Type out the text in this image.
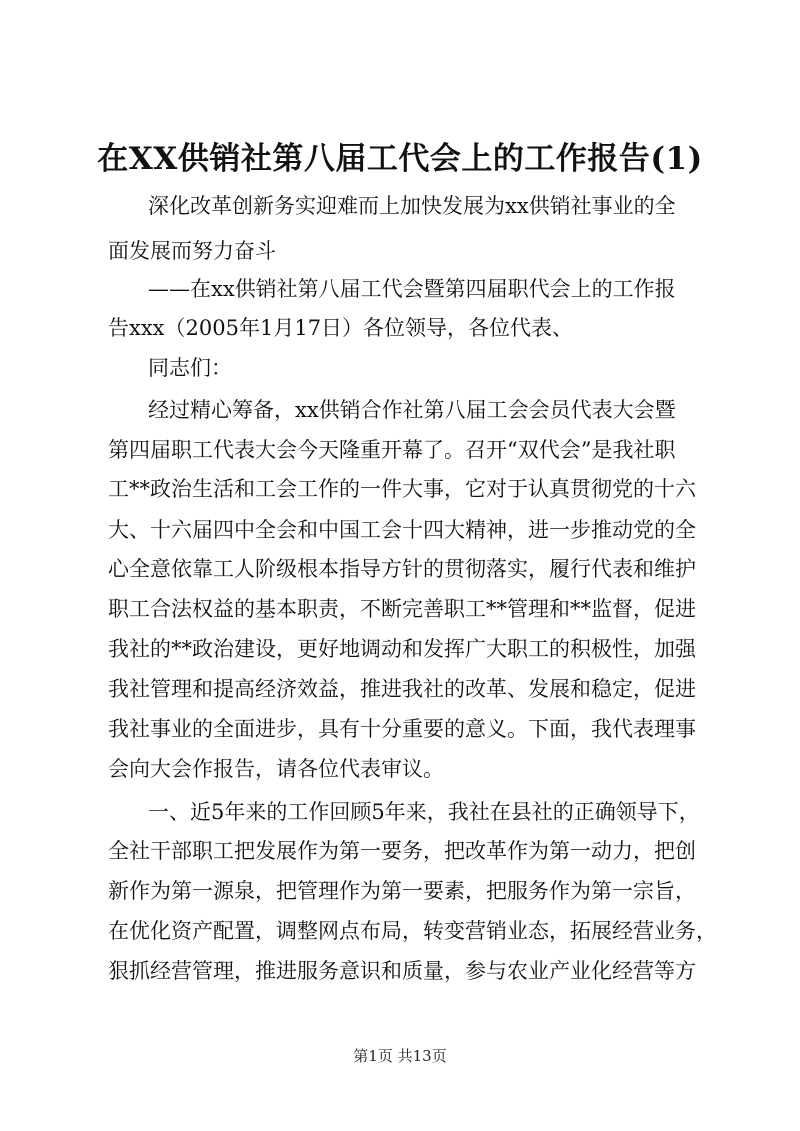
在XX供销社第八届工代会上的工作报告(1)

深化改革创新务实迎难而上加快发展为xx供销社事业的全

面发展而努力奋斗

——在xx供销社第八届工代会暨第四届职代会上的工作报

告xxx（2005年1月17日）各位领导，各位代表、

同志们：

经过精心筹备，xx供销合作社第八届工会会员代表大会暨

第四届职工代表大会今天隆重开幕了。召开“双代会”是我社职

工**政治生活和工会工作的一件大事，它对于认真贯彻党的十六

大、十六届四中全会和中国工会十四大精神，进一步推动党的全

心全意依靠工人阶级根本指导方针的贯彻落实，履行代表和维护

职工合法权益的基本职责，不断完善职工**管理和**监督，促进

我社的**政治建设，更好地调动和发挥广大职工的积极性，加强

我社管理和提高经济效益，推进我社的改革、发展和稳定，促进

我社事业的全面进步，具有十分重要的意义。下面，我代表理事

会向大会作报告，请各位代表审议。

一、近5年来的工作回顾5年来，我社在县社的正确领导下，

全社干部职工把发展作为第一要务，把改革作为第一动力，把创

新作为第一源泉，把管理作为第一要素，把服务作为第一宗旨，

在优化资产配置，调整网点布局，转变营销业态，拓展经营业务，

狠抓经营管理，推进服务意识和质量，参与农业产业化经营等方

第1页 共13页
